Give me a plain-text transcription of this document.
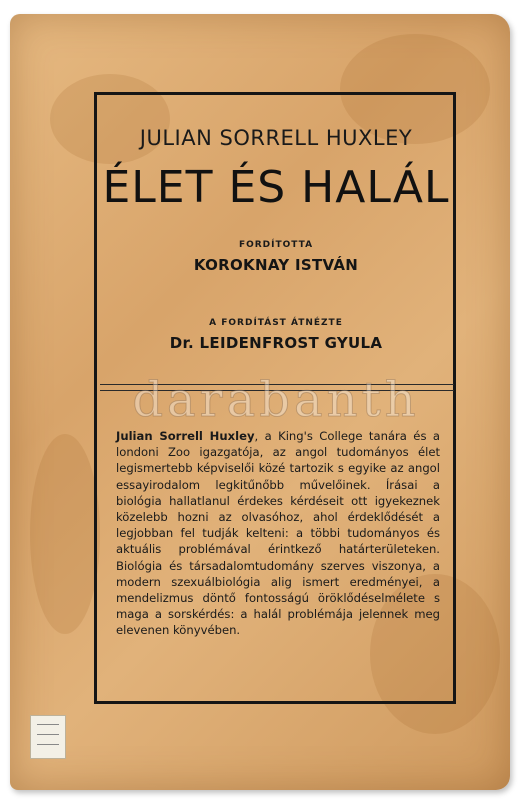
JULIAN SORRELL HUXLEY
ÉLET ÉS HALÁL
FORDÍTOTTA
KOROKNAY ISTVÁN
A FORDÍTÁST ÁTNÉZTE
Dr. LEIDENFROST GYULA
darabanth
Julian Sorrell Huxley, a King's College tanára és a londoni Zoo igazgatója, az angol tudományos élet legismertebb képviselői közé tartozik s egyike az angol essayirodalom legkitűnőbb művelőinek. Írásai a biológia hallatlanul érdekes kérdéseit ott igyekeznek közelebb hozni az olvasóhoz, ahol érdeklődését a legjobban fel tudják kelteni: a többi tudományos és aktuális problémával érintkező határterületeken. Biológia és társadalomtudomány szerves viszonya, a modern szexuálbiológia alig ismert eredményei, a mendelizmus döntő fontosságú öröklődéselmélete s maga a sorskérdés: a halál problémája jelennek meg elevenen könyvében.
